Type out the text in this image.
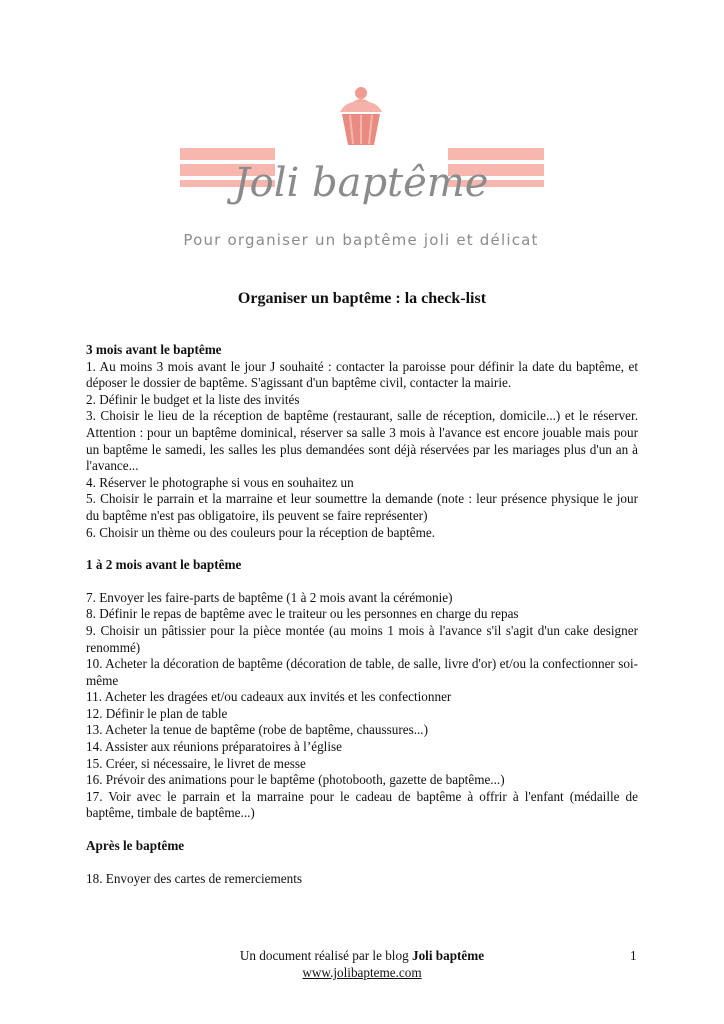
Joli baptême
Pour organiser un baptême joli et délicat
Organiser un baptême : la check-list
3 mois avant le baptême

1. Au moins 3 mois avant le jour J souhaité : contacter la paroisse pour définir la date du baptême, et déposer le dossier de baptême. S'agissant d'un baptême civil, contacter la mairie.

2. Définir le budget et la liste des invités

3. Choisir le lieu de la réception de baptême (restaurant, salle de réception, domicile...) et le réserver. Attention : pour un baptême dominical, réserver sa salle 3 mois à l'avance est encore jouable mais pour un baptême le samedi, les salles les plus demandées sont déjà réservées par les mariages plus d'un an à l'avance...

4. Réserver le photographe si vous en souhaitez un

5. Choisir le parrain et la marraine et leur soumettre la demande (note : leur présence physique le jour du baptême n'est pas obligatoire, ils peuvent se faire représenter)

6. Choisir un thème ou des couleurs pour la réception de baptême.

1 à 2 mois avant le baptême

7. Envoyer les faire-parts de baptême (1 à 2 mois avant la cérémonie)

8. Définir le repas de baptême avec le traiteur ou les personnes en charge du repas

9. Choisir un pâtissier pour la pièce montée (au moins 1 mois à l'avance s'il s'agit d'un cake designer renommé)

10. Acheter la décoration de baptême (décoration de table, de salle, livre d'or) et/ou la confectionner soi-même

11. Acheter les dragées et/ou cadeaux aux invités et les confectionner

12. Définir le plan de table

13. Acheter la tenue de baptême (robe de baptême, chaussures...)

14. Assister aux réunions préparatoires à l’église

15. Créer, si nécessaire, le livret de messe

16. Prévoir des animations pour le baptême (photobooth, gazette de baptême...)

17. Voir avec le parrain et la marraine pour le cadeau de baptême à offrir à l'enfant (médaille de baptême, timbale de baptême...)

Après le baptême

18. Envoyer des cartes de remerciements

Un document réalisé par le blog Joli baptême
www.jolibapteme.com
1
